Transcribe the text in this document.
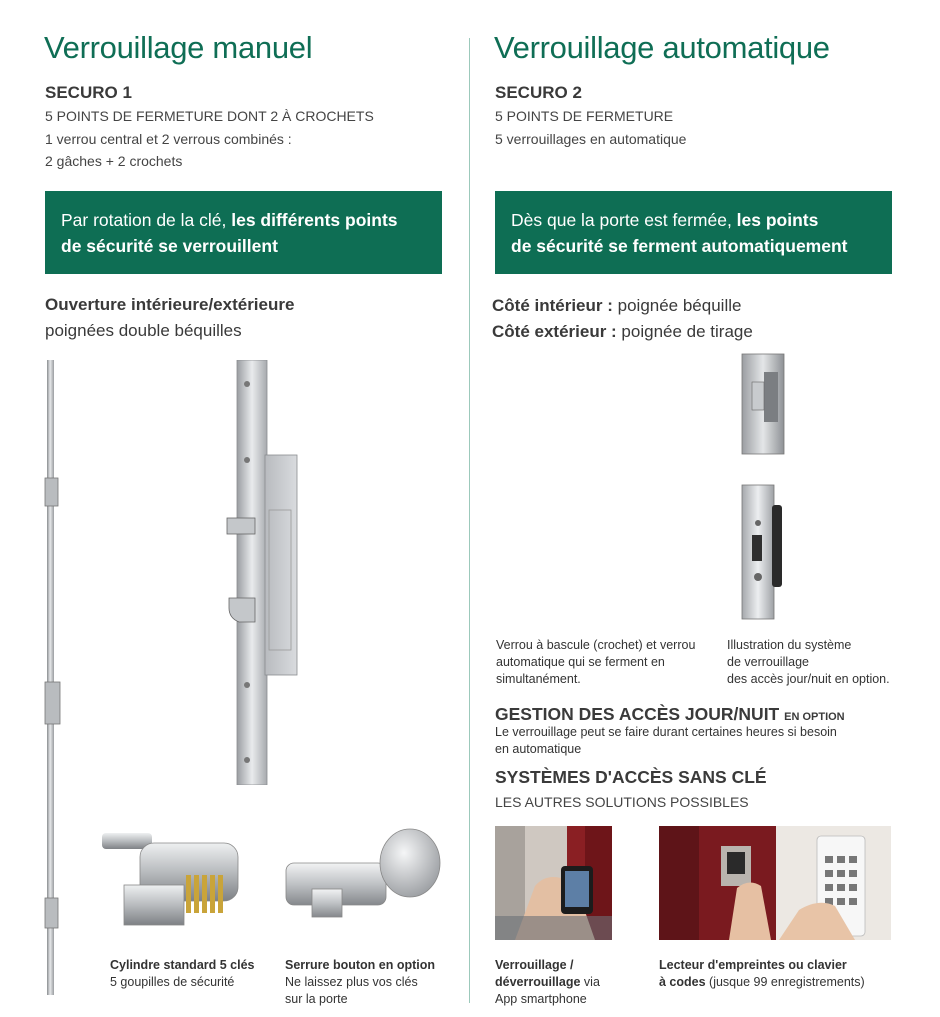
Verrouillage manuel
SECURO 1
5 POINTS DE FERMETURE DONT 2 À CROCHETS
1 verrou central et 2 verrous combinés :
2 gâches + 2 crochets
Par rotation de la clé, les différents points
de sécurité se verrouillent
Ouverture intérieure/extérieure
poignées double béquilles
Cylindre standard 5 clés
5 goupilles de sécurité
Serrure bouton en option
Ne laissez plus vos clés
sur la porte
Verrouillage automatique
SECURO 2
5 POINTS DE FERMETURE
5 verrouillages en automatique
Dès que la porte est fermée, les points
de sécurité se ferment automatiquement
Côté intérieur : poignée béquille
Côté extérieur : poignée de tirage
Verrou à bascule (crochet) et verrou
automatique qui se ferment en
simultanément.
Illustration du système
de verrouillage
des accès jour/nuit en option.
GESTION DES ACCÈS JOUR/NUIT EN OPTION
Le verrouillage peut se faire durant certaines heures si besoin
en automatique
SYSTÈMES D'ACCÈS SANS CLÉ
LES AUTRES SOLUTIONS POSSIBLES
Verrouillage /
déverrouillage via
App smartphone
Lecteur d'empreintes ou clavier
à codes (jusque 99 enregistrements)
